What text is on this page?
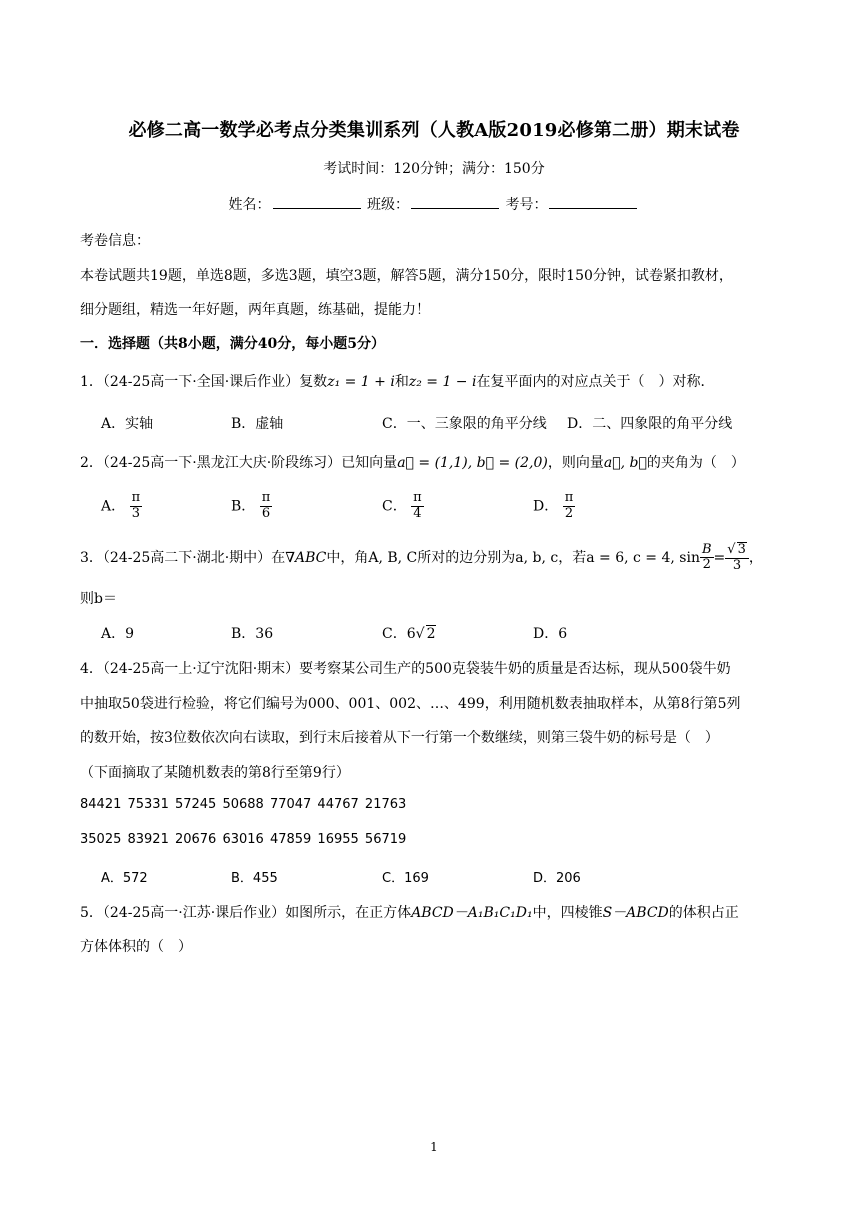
必修二高一数学必考点分类集训系列（人教A版2019必修第二册）期末试卷
考试时间：120分钟；满分：150分
姓名：	班级：	考号：
考卷信息：
本卷试题共19题，单选8题，多选3题，填空3题，解答5题，满分150分，限时150分钟，试卷紧扣教材，
细分题组，精选一年好题，两年真题，练基础，提能力！
一．选择题（共8小题，满分40分，每小题5分）
1．（24-25高一下·全国·课后作业）复数z₁ = 1 + i和z₂ = 1 − i在复平面内的对应点关于（　）对称．
A．实轴	B．虚轴	C．一、三象限的角平分线 D．二、四象限的角平分线
2．（24-25高一下·黑龙江大庆·阶段练习）已知向量a⃗ = (1,1), b⃗ = (2,0)，则向量a⃗, b⃗的夹角为（　）
A． $\frac{\pi}{3}$	B． $\frac{\pi}{6}$	C． $\frac{\pi}{4}$	D． $\frac{\pi}{2}$
3．（24-25高二下·湖北·期中）在∇ABC中，角A, B, C所对的边分别为a, b, c，若a = 6, c = 4, $\sin \frac{B}{2} = \frac{√ 3}{3}$ ，
则b＝
A．9	B．36	C．6√ 2	D．6
4．（24-25高一上·辽宁沈阳·期末）要考察某公司生产的500克袋装牛奶的质量是否达标，现从500袋牛奶
中抽取50袋进行检验，将它们编号为000、001、002、…、499，利用随机数表抽取样本，从第8行第5列
的数开始，按3位数依次向右读取，到行末后接着从下一行第一个数继续，则第三袋牛奶的标号是（　）
（下面摘取了某随机数表的第8行至第9行）
84421 75331 57245 50688 77047 44767 21763
35025 83921 20676 63016 47859 16955 56719
A．572	B．455	C．169	D．206
5．（24-25高一·江苏·课后作业）如图所示，在正方体ABCD－A₁B₁C₁D₁中，四棱锥S－ABCD的体积占正
方体体积的（　）
1
